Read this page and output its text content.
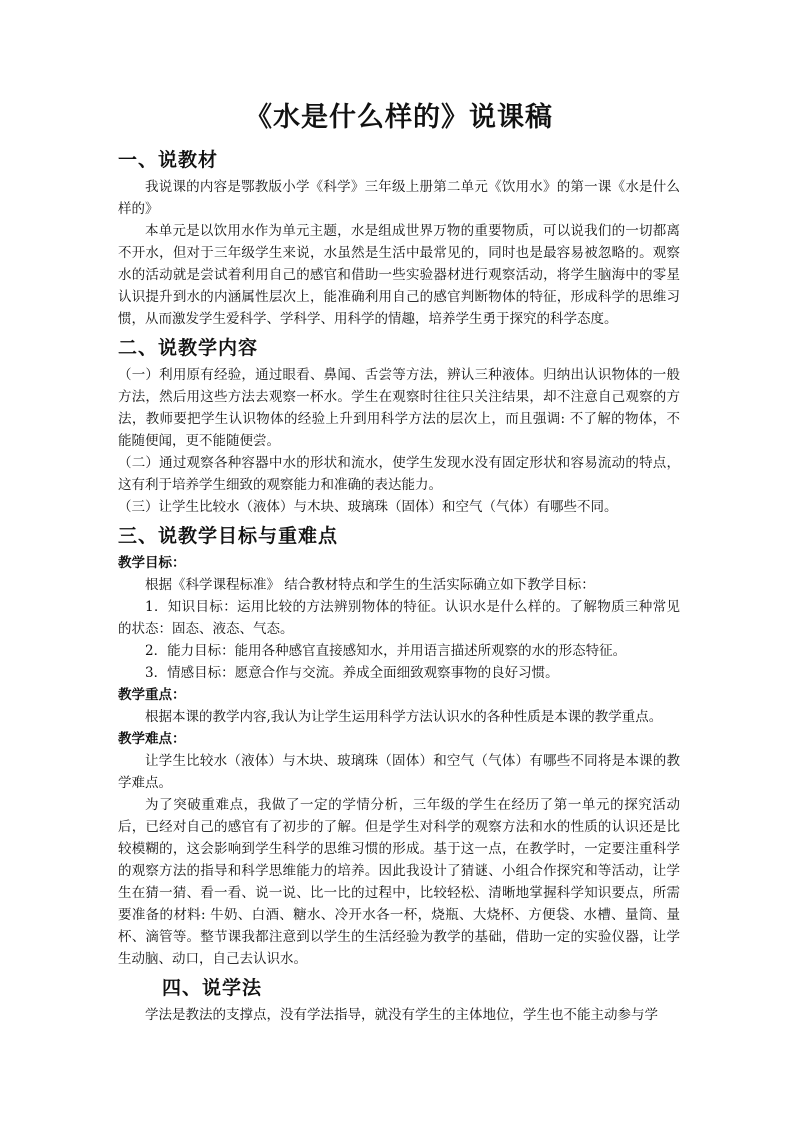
《水是什么样的》说课稿
一、说教材

我说课的内容是鄂教版小学《科学》三年级上册第二单元《饮用水》的第一课《水是什么样的》

本单元是以饮用水作为单元主题，水是组成世界万物的重要物质，可以说我们的一切都离不开水，但对于三年级学生来说，水虽然是生活中最常见的，同时也是最容易被忽略的。观察水的活动就是尝试着利用自己的感官和借助一些实验器材进行观察活动，将学生脑海中的零星认识提升到水的内涵属性层次上，能准确利用自己的感官判断物体的特征，形成科学的思维习惯，从而激发学生爱科学、学科学、用科学的情趣，培养学生勇于探究的科学态度。

二、说教学内容

（一）利用原有经验，通过眼看、鼻闻、舌尝等方法，辨认三种液体。归纳出认识物体的一般方法，然后用这些方法去观察一杯水。学生在观察时往往只关注结果，却不注意自己观察的方法，教师要把学生认识物体的经验上升到用科学方法的层次上，而且强调: 不了解的物体，不能随便闻，更不能随便尝。

（二）通过观察各种容器中水的形状和流水，使学生发现水没有固定形状和容易流动的特点，这有利于培养学生细致的观察能力和准确的表达能力。

（三）让学生比较水（液体）与木块、玻璃珠（固体）和空气（气体）有哪些不同。

三、说教学目标与重难点
教学目标：

根据《科学课程标准》 结合教材特点和学生的生活实际确立如下教学目标：

1．知识目标：运用比较的方法辨别物体的特征。认识水是什么样的。了解物质三种常见的状态：固态、液态、气态。

2．能力目标：能用各种感官直接感知水，并用语言描述所观察的水的形态特征。

3．情感目标：愿意合作与交流。养成全面细致观察事物的良好习惯。

教学重点：

根据本课的教学内容,我认为让学生运用科学方法认识水的各种性质是本课的教学重点。

教学难点：

让学生比较水（液体）与木块、玻璃珠（固体）和空气（气体）有哪些不同将是本课的教学难点。

为了突破重难点，我做了一定的学情分析，三年级的学生在经历了第一单元的探究活动后，已经对自己的感官有了初步的了解。但是学生对科学的观察方法和水的性质的认识还是比较模糊的，这会影响到学生科学的思维习惯的形成。基于这一点，在教学时，一定要注重科学的观察方法的指导和科学思维能力的培养。因此我设计了猜谜、小组合作探究和等活动，让学生在猜一猜、看一看、说一说、比一比的过程中，比较轻松、清晰地掌握科学知识要点，所需要准备的材料: 牛奶、白酒、糖水、冷开水各一杯，烧瓶、大烧杯、方便袋、水槽、量筒、量杯、滴管等。整节课我都注意到以学生的生活经验为教学的基础，借助一定的实验仪器，让学生动脑、动口，自己去认识水。

四、说学法

学法是教法的支撑点，没有学法指导，就没有学生的主体地位，学生也不能主动参与学
